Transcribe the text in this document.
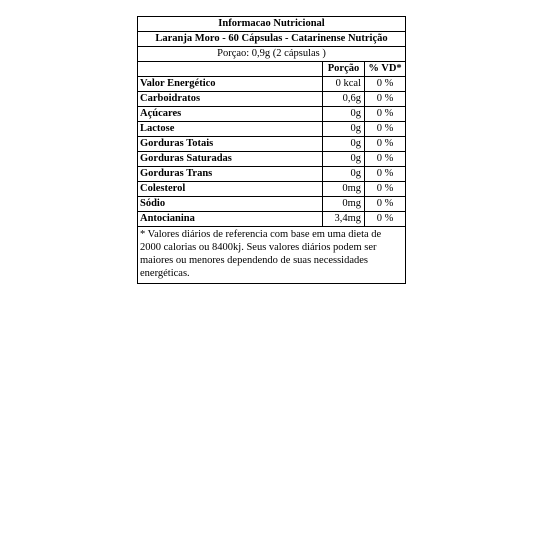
Informacao Nutricional		
Laranja Moro - 60 Cápsulas - Catarinense Nutrição		
Porçao: 0,9g (2 cápsulas )		
	Porção	% VD*
Valor Energético	0 kcal	0 %
Carboidratos	0,6g	0 %
Açúcares	0g	0 %
Lactose	0g	0 %
Gorduras Totais	0g	0 %
Gorduras Saturadas	0g	0 %
Gorduras Trans	0g	0 %
Colesterol	0mg	0 %
Sódio	0mg	0 %
Antocianina	3,4mg	0 %

* Valores diários de referencia com base em uma dieta de
2000 calorias ou 8400kj. Seus valores diários podem ser
maiores ou menores dependendo de suas necessidades
energéticas.		
